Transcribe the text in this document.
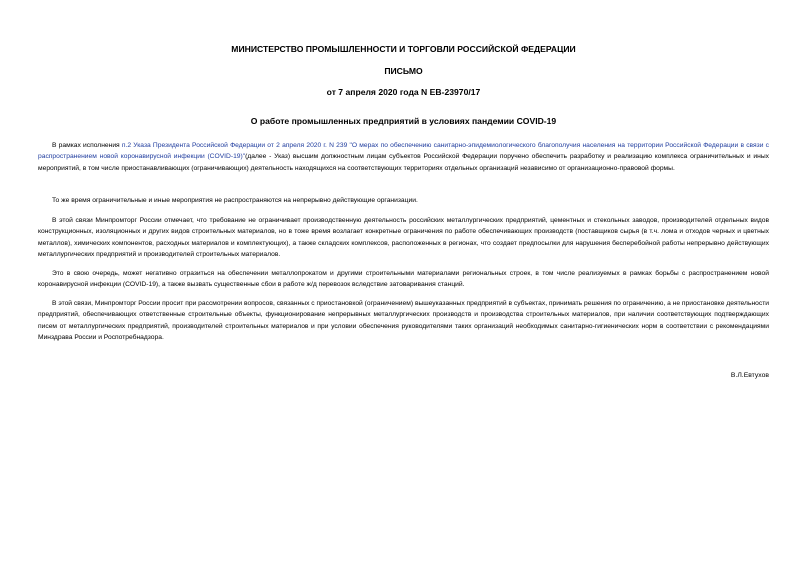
МИНИСТЕРСТВО ПРОМЫШЛЕННОСТИ И ТОРГОВЛИ РОССИЙСКОЙ ФЕДЕРАЦИИ
ПИСЬМО
от 7 апреля 2020 года N ЕВ-23970/17
О работе промышленных предприятий в условиях пандемии COVID-19

В рамках исполнения п.2 Указа Президента Российской Федерации от 2 апреля 2020 г. N 239 "О мерах по обеспечению санитарно-эпидемиологического благополучия населения на территории Российской Федерации в связи с распространением новой коронавирусной инфекции (COVID-19)"(далее - Указ) высшим должностным лицам субъектов Российской Федерации поручено обеспечить разработку и реализацию комплекса ограничительных и иных мероприятий, в том числе приостанавливающих (ограничивающих) деятельность находящихся на соответствующих территориях отдельных организаций независимо от организационно-правовой формы.

То же время ограничительные и иные мероприятия не распространяются на непрерывно действующие организации.

В этой связи Минпромторг России отмечает, что требование не ограничивает производственную деятельность российских металлургических предприятий, цементных и стекольных заводов, производителей отдельных видов конструкционных, изоляционных и других видов строительных материалов, но в тоже время возлагает конкретные ограничения по работе обеспечивающих производств (поставщиков сырья (в т.ч. лома и отходов черных и цветных металлов), химических компонентов, расходных материалов и комплектующих), а также складских комплексов, расположенных в регионах, что создает предпосылки для нарушения бесперебойной работы непрерывно действующих металлургических предприятий и производителей строительных материалов.

Это в свою очередь, может негативно отразиться на обеспечении металлопрокатом и другими строительными материалами региональных строек, в том числе реализуемых в рамках борьбы с распространением новой коронавирусной инфекции (COVID-19), а также вызвать существенные сбои в работе ж/д перевозок вследствие затоваривания станций.

В этой связи, Минпромторг России просит при рассмотрении вопросов, связанных с приостановкой (ограничением) вышеуказанных предприятий в субъектах, принимать решения по ограничению, а не приостановке деятельности предприятий, обеспечивающих ответственные строительные объекты, функционирование непрерывных металлургических производств и производства строительных материалов, при наличии соответствующих подтверждающих писем от металлургических предприятий, производителей строительных материалов и при условии обеспечения руководителями таких организаций необходимых санитарно-гигиенических норм в соответствии с рекомендациями Минздрава России и Роспотребнадзора.

В.Л.Евтухов
